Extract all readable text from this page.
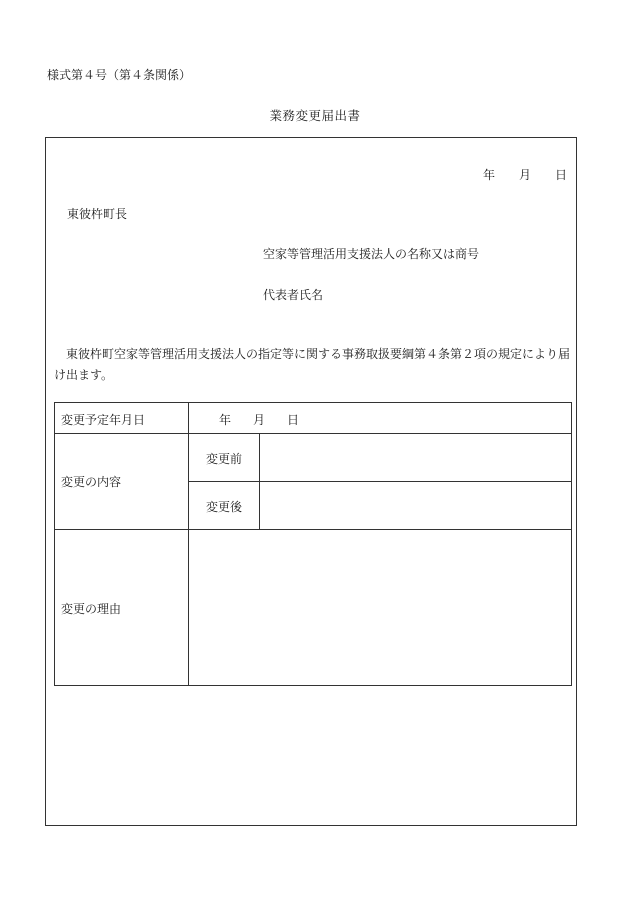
様式第４号（第４条関係）
業務変更届出書
年 月 日
東彼杵町長
空家等管理活用支援法人の名称又は商号
代表者氏名
東彼杵町空家等管理活用支援法人の指定等に関する事務取扱要綱第４条第２項の規定により届け出ます。
変更予定年月日	年 月 日
変更の内容
変更前
変更後
変更の理由
